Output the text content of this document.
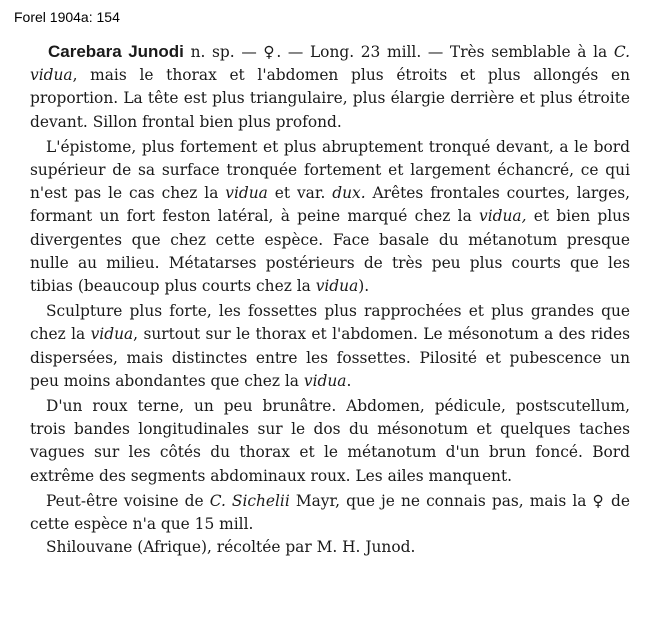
Forel 1904a: 154

Carebara Junodi n. sp. — ♀. — Long. 23 mill. — Très semblable à la C. vidua, mais le thorax et l'abdomen plus étroits et plus allongés en proportion. La tête est plus triangulaire, plus élargie derrière et plus étroite devant. Sillon frontal bien plus profond.

L'épistome, plus fortement et plus abruptement tronqué devant, a le bord supérieur de sa surface tronquée fortement et largement échancré, ce qui n'est pas le cas chez la vidua et var. dux. Arêtes frontales courtes, larges, formant un fort feston latéral, à peine marqué chez la vidua, et bien plus divergentes que chez cette espèce. Face basale du métanotum presque nulle au milieu. Métatarses postérieurs de très peu plus courts que les tibias (beaucoup plus courts chez la vidua).

Sculpture plus forte, les fossettes plus rapprochées et plus grandes que chez la vidua, surtout sur le thorax et l'abdomen. Le mésonotum a des rides dispersées, mais distinctes entre les fossettes. Pilosité et pubescence un peu moins abondantes que chez la vidua.

D'un roux terne, un peu brunâtre. Abdomen, pédicule, postscutellum, trois bandes longitudinales sur le dos du mésonotum et quelques taches vagues sur les côtés du thorax et le métanotum d'un brun foncé. Bord extrême des segments abdominaux roux. Les ailes manquent.

Peut-être voisine de C. Sichelii Mayr, que je ne connais pas, mais la ♀ de cette espèce n'a que 15 mill.

Shilouvane (Afrique), récoltée par M. H. Junod.
